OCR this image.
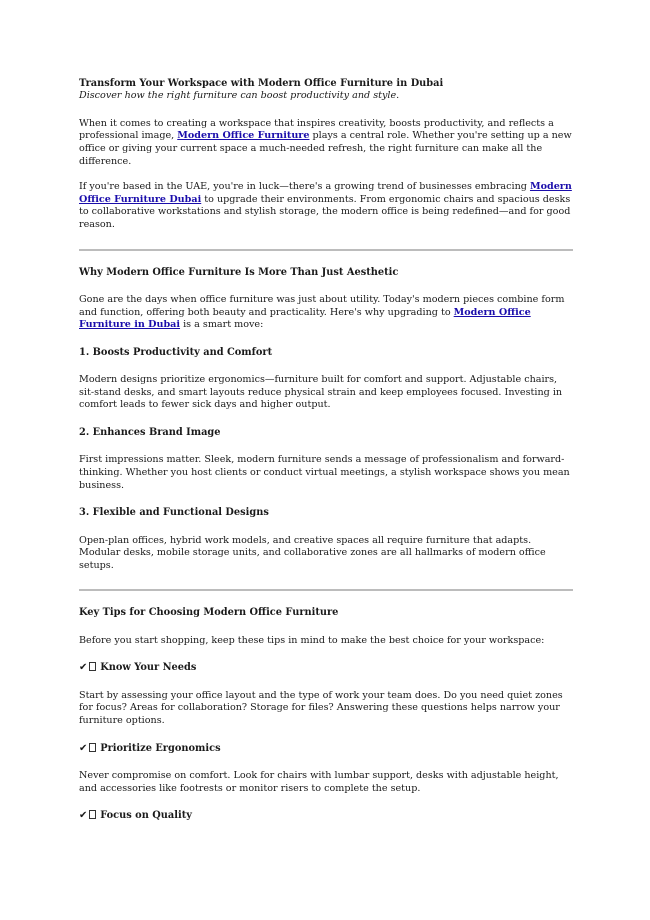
Transform Your Workspace with Modern Office Furniture in Dubai

Discover how the right furniture can boost productivity and style.

When it comes to creating a workspace that inspires creativity, boosts productivity, and reflects a professional image, Modern Office Furniture plays a central role. Whether you're setting up a new office or giving your current space a much-needed refresh, the right furniture can make all the difference.

If you're based in the UAE, you're in luck—there's a growing trend of businesses embracing Modern Office Furniture Dubai to upgrade their environments. From ergonomic chairs and spacious desks to collaborative workstations and stylish storage, the modern office is being redefined—and for good reason.

Why Modern Office Furniture Is More Than Just Aesthetic

Gone are the days when office furniture was just about utility. Today's modern pieces combine form and function, offering both beauty and practicality. Here's why upgrading to Modern Office Furniture in Dubai is a smart move:

1. Boosts Productivity and Comfort

Modern designs prioritize ergonomics—furniture built for comfort and support. Adjustable chairs, sit-stand desks, and smart layouts reduce physical strain and keep employees focused. Investing in comfort leads to fewer sick days and higher output.

2. Enhances Brand Image

First impressions matter. Sleek, modern furniture sends a message of professionalism and forward-thinking. Whether you host clients or conduct virtual meetings, a stylish workspace shows you mean business.

3. Flexible and Functional Designs

Open-plan offices, hybrid work models, and creative spaces all require furniture that adapts. Modular desks, mobile storage units, and collaborative zones are all hallmarks of modern office setups.

Key Tips for Choosing Modern Office Furniture

Before you start shopping, keep these tips in mind to make the best choice for your workspace:

✔ Know Your Needs

Start by assessing your office layout and the type of work your team does. Do you need quiet zones for focus? Areas for collaboration? Storage for files? Answering these questions helps narrow your furniture options.

✔ Prioritize Ergonomics

Never compromise on comfort. Look for chairs with lumbar support, desks with adjustable height, and accessories like footrests or monitor risers to complete the setup.

✔ Focus on Quality
